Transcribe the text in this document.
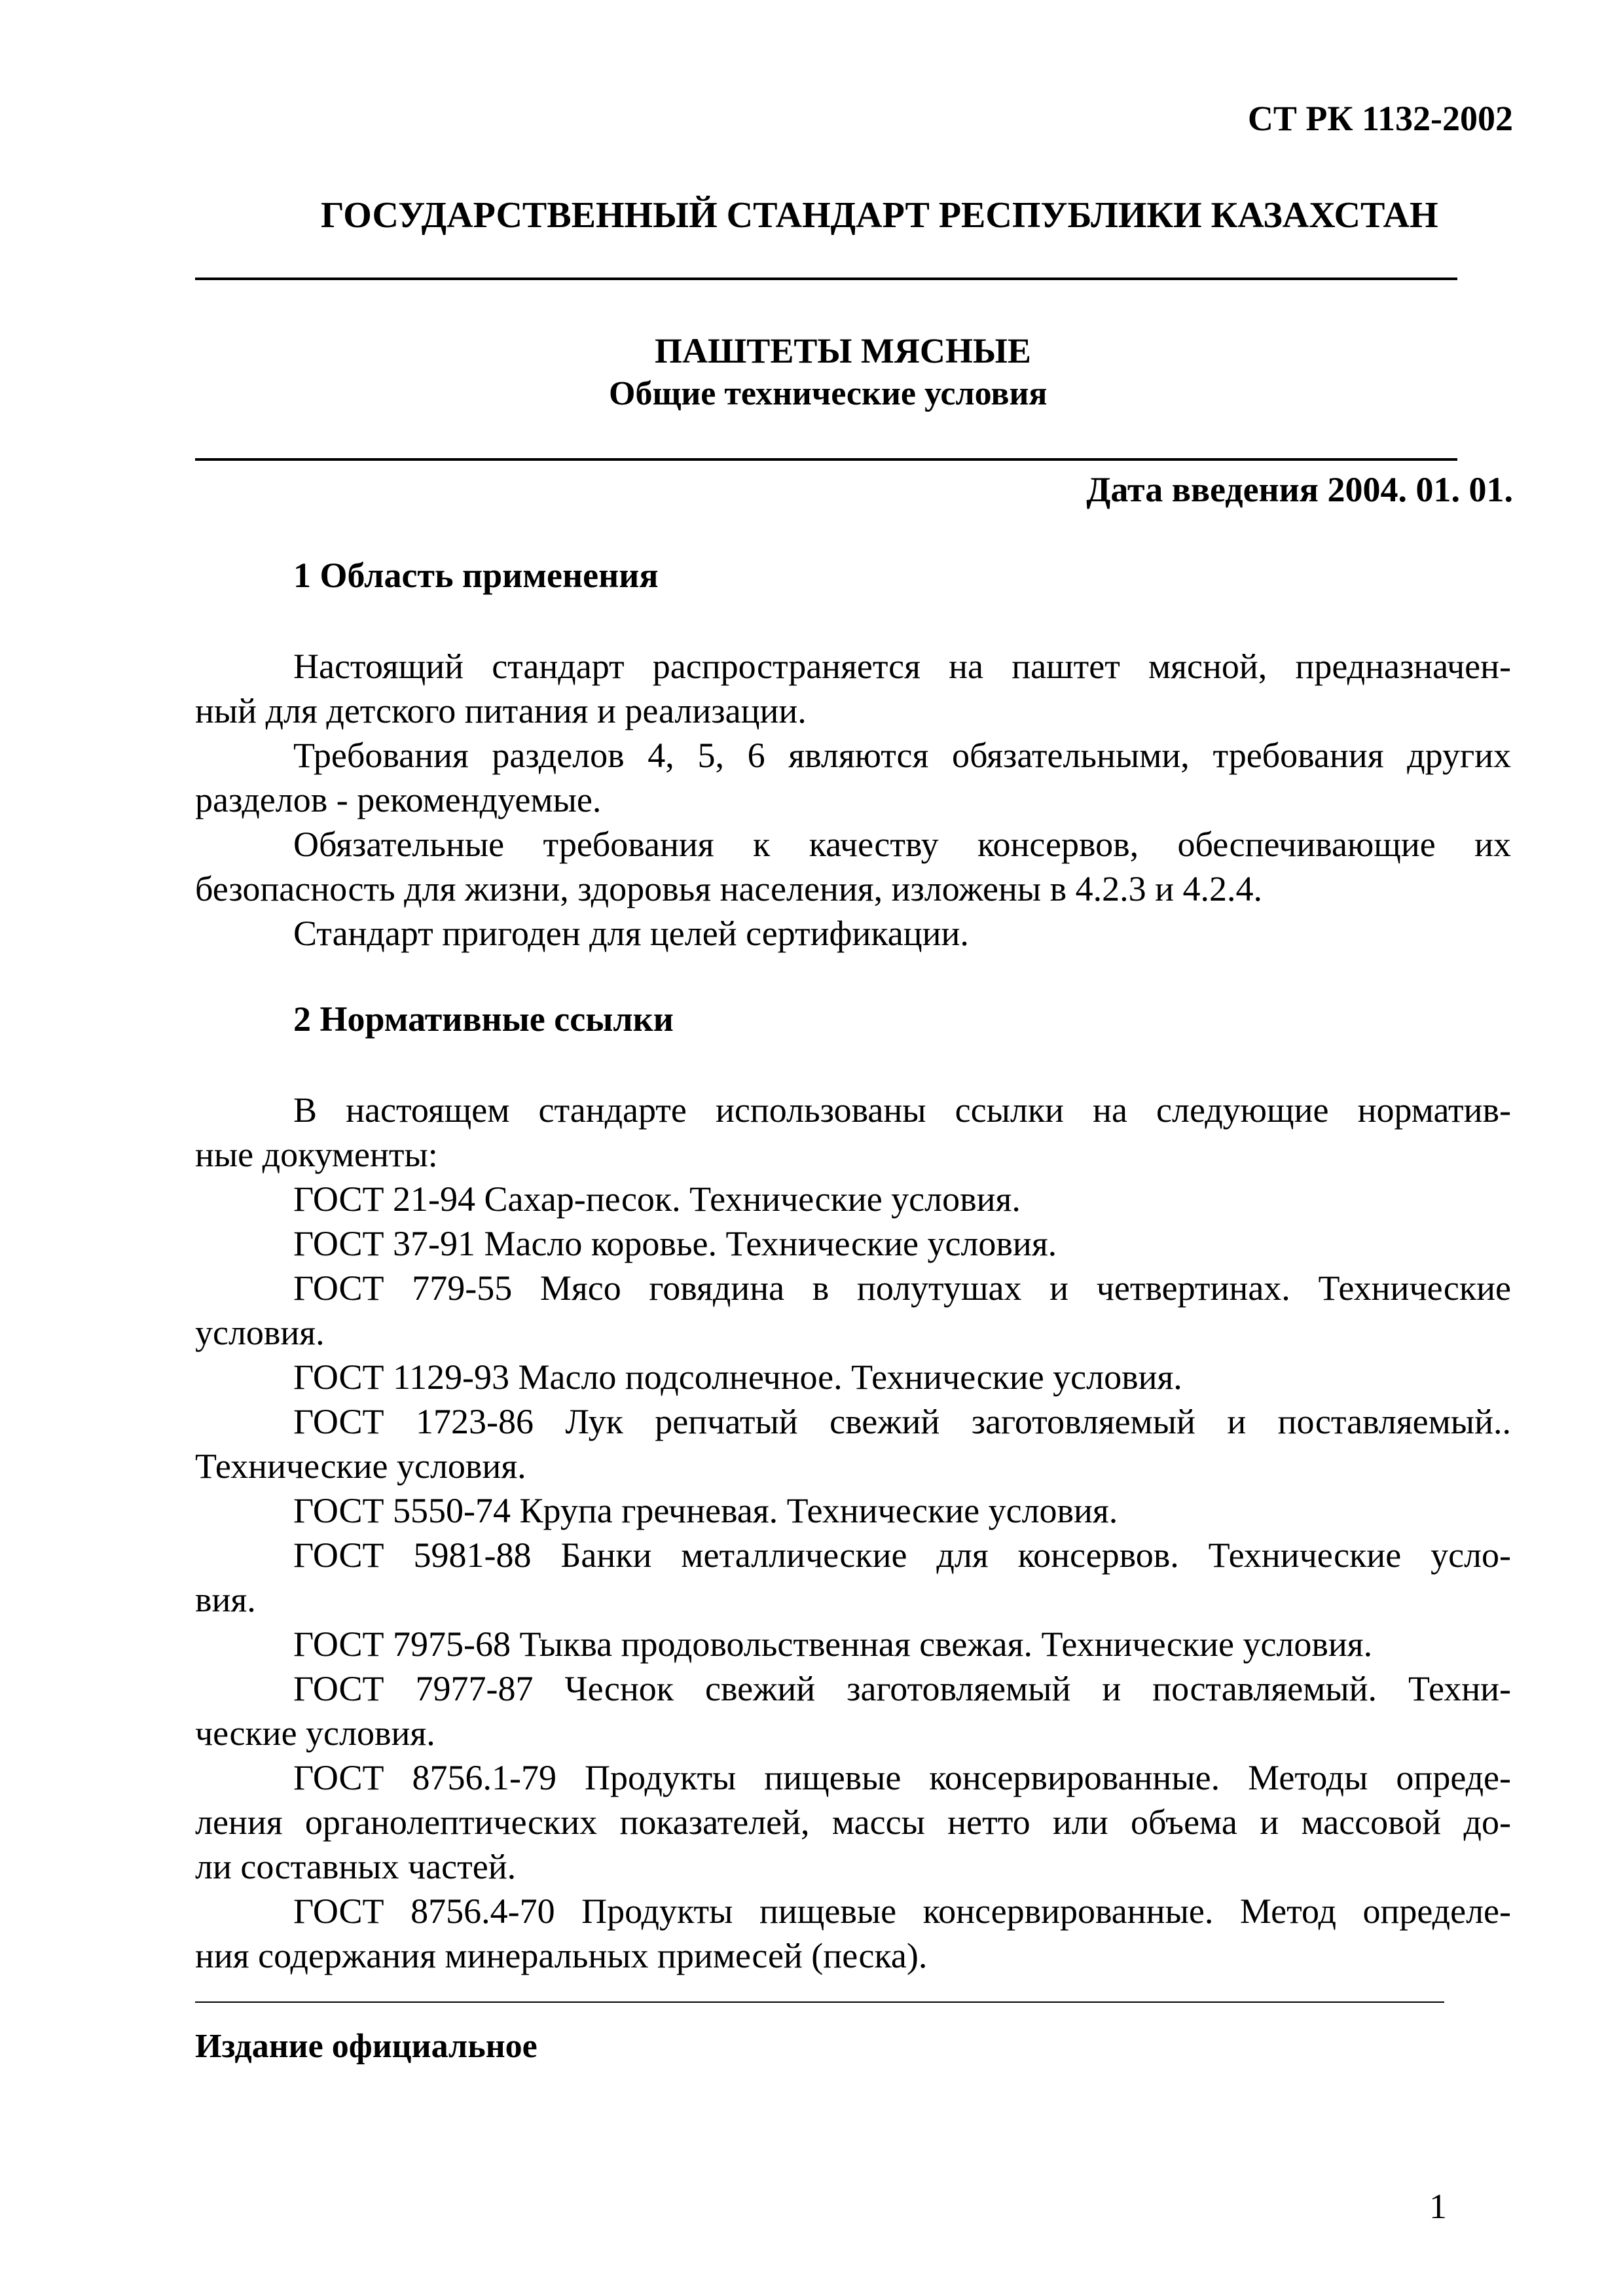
СТ РК 1132-2002
ГОСУДАРСТВЕННЫЙ СТАНДАРТ РЕСПУБЛИКИ КАЗАХСТАН
ПАШТЕТЫ МЯСНЫЕ
Общие технические условия
Дата введения 2004. 01. 01.
1 Область применения
Настоящий стандарт распространяется на паштет мясной, предназначен-
ный для детского питания и реализации.
Требования разделов 4, 5, 6 являются обязательными, требования других
разделов - рекомендуемые.
Обязательные требования к качеству консервов, обеспечивающие их
безопасность для жизни, здоровья населения, изложены в 4.2.3 и 4.2.4.
Стандарт пригоден для целей сертификации.
2 Нормативные ссылки
В настоящем стандарте использованы ссылки на следующие норматив-
ные документы:
ГОСТ 21-94 Сахар-песок. Технические условия.
ГОСТ 37-91 Масло коровье. Технические условия.
ГОСТ 779-55 Мясо говядина в полутушах и четвертинах. Технические
условия.
ГОСТ 1129-93 Масло подсолнечное. Технические условия.
ГОСТ 1723-86 Лук репчатый свежий заготовляемый и поставляемый..
Технические условия.
ГОСТ 5550-74 Крупа гречневая. Технические условия.
ГОСТ 5981-88 Банки металлические для консервов. Технические усло-
вия.
ГОСТ 7975-68 Тыква продовольственная свежая. Технические условия.
ГОСТ 7977-87 Чеснок свежий заготовляемый и поставляемый. Техни-
ческие условия.
ГОСТ 8756.1-79 Продукты пищевые консервированные. Методы опреде-
ления органолептических показателей, массы нетто или объема и массовой до-
ли составных частей.
ГОСТ 8756.4-70 Продукты пищевые консервированные. Метод определе-
ния содержания минеральных примесей (песка).
Издание официальное
1
